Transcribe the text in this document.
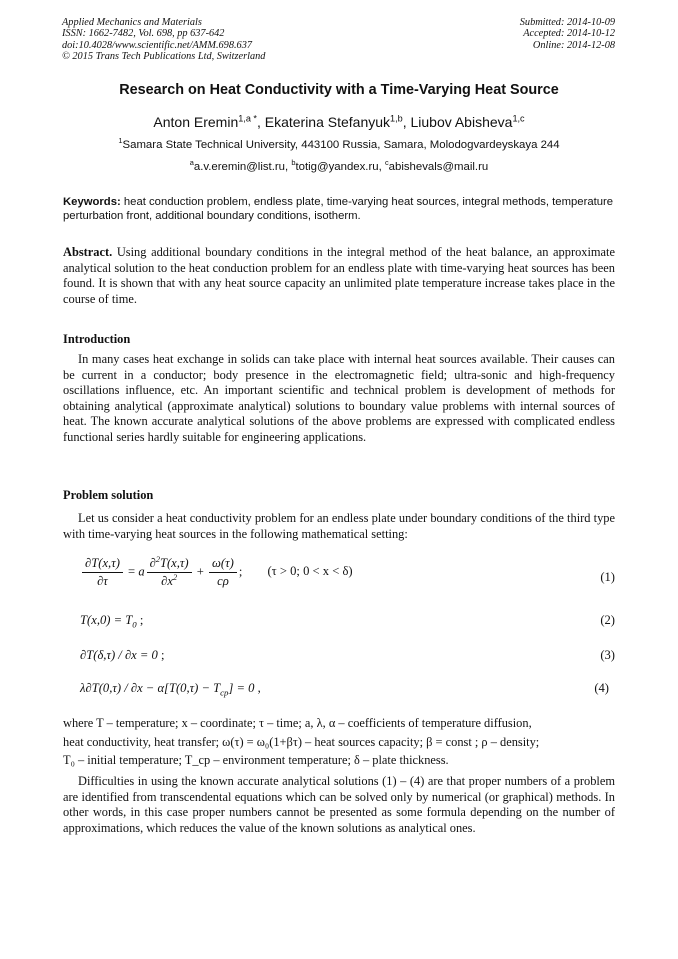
Applied Mechanics and Materials
ISSN: 1662-7482, Vol. 698, pp 637-642
doi:10.4028/www.scientific.net/AMM.698.637
© 2015 Trans Tech Publications Ltd, Switzerland
Submitted: 2014-10-09
Accepted: 2014-10-12
Online: 2014-12-08
Research on Heat Conductivity with a Time-Varying Heat Source
Anton Eremin$^{1,a *}$, Ekaterina Stefanyuk$^{1,b}$, Liubov Abisheva$^{1,c}$
$^1$Samara State Technical University, 443100 Russia, Samara, Molodogvardeyskaya 244
$^a$a.v.eremin@list.ru, $^b$totig@yandex.ru, $^c$abishevals@mail.ru
Keywords: heat conduction problem, endless plate, time-varying heat sources, integral methods, temperature perturbation front, additional boundary conditions, isotherm.
Abstract. Using additional boundary conditions in the integral method of the heat balance, an approximate analytical solution to the heat conduction problem for an endless plate with time-varying heat sources has been found. It is shown that with any heat source capacity an unlimited plate temperature increase takes place in the course of time.
Introduction
In many cases heat exchange in solids can take place with internal heat sources available. Their causes can be current in a conductor; body presence in the electromagnetic field; ultra-sonic and high-frequency oscillations influence, etc. An important scientific and technical problem is development of methods for obtaining analytical (approximate analytical) solutions to boundary value problems with internal sources of heat. The known accurate analytical solutions of the above problems are expressed with complicated endless functional series hardly suitable for engineering applications.
Problem solution
Let us consider a heat conductivity problem for an endless plate under boundary conditions of the third type with time-varying heat sources in the following mathematical setting:
$\frac{\partial T(x,\tau)}{\partial\tau} = a \frac{\partial^2T(x,\tau)}{\partial x^2} + \frac{\omega(\tau)}{c\rho}$ ; (τ > 0; 0 < x < δ)	(1)
$T(x,0) = T_0$ ;	(2)
∂T(δ,τ) / ∂x = 0 ;	(3)
$\lambda\partial T(0,\tau) / \partial x - \alpha[T(0,\tau) - T_{ср}] = 0$ ,	(4)
where T – temperature; x – coordinate; τ – time; a, λ, α – coefficients of temperature diffusion,
heat conductivity, heat transfer; ω(τ) = ω₀(1+βτ) – heat sources capacity; β = const ; ρ – density;
T₀ – initial temperature; T_ср – environment temperature; δ – plate thickness.
Difficulties in using the known accurate analytical solutions (1) – (4) are that proper numbers of a problem are identified from transcendental equations which can be solved only by numerical (or graphical) methods. In other words, in this case proper numbers cannot be presented as some formula depending on the number of approximations, which reduces the value of the known solutions as analytical ones.
